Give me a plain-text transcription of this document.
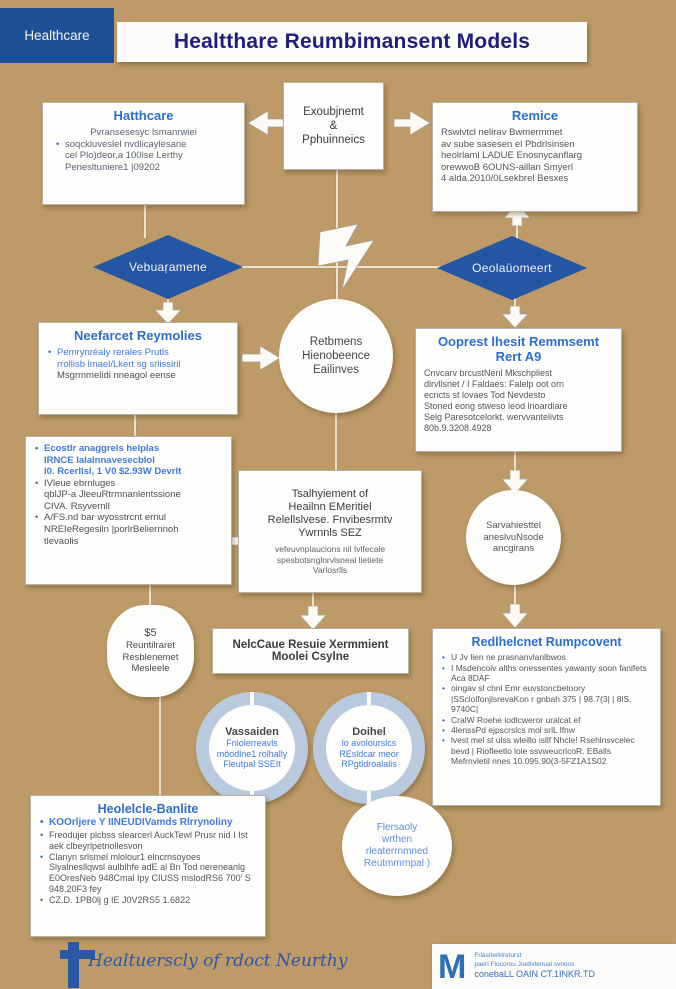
Healthcare	Healtthare Reumbimansent Models
Exoubjnemt
&
Pphuinneics
Hatthcare
Pvransesesyc lsmanrwiei
• soqckluveslel nvdlicaylesane
cel Plo)deor,a 100lse Lerthy
Penesltuniere1 |09202
Remice
Rswivtcl nelirav Bwmermmet
av sube sasesen el Pbdrlsinsen
heolrlaml LADUE Enosnycanflarg
orewwoB 6OUNS-aillan Smyerl
4 alda.2010/0Lsekbrel Besxes
Vebuaŗamene	Oeolaüomeert
Retbmens
Hienobeence
Eailinves
Neefarcet Reymolies
• Pemrynréaly rerales Prutls
rrollisb lmael/Lkert sg srlissiril
Msgrmmelidi nneagol eense
Ooprest lhesit Remmsemt
Rert A9
Cnvcarv brcustNenl Mkschpliest
dlrvllsnet / I Faldaes: Falelp oot orn
ecncts st lovaes Tod Nevdesto
Stoned eong stweso leod lnoardiare
Selg Paresotcelorkt. wervvantelivts
80b.9.3208.4928
• Ecostlr anaggrels helplas
IRNCE lalalnnavesecblol
I0. Rcerllsl, 1 V0 $2.93W Devrlt
• IVleue ebrnluges
qblJP-a JleeuRtrmnanlentssione
CIVA. Rsyvernll
• A/FS.nd bar wyosstrcnt ernul
NREIeRegesiln |porlrBeliernnoh
tlevaolis
Tsalhyiement of
Heailnn EMeritiel
Relellslvese. Fnvibesrmtv
Ywrnnls SEZ
vefeuvnplaucions nil Ivlfecale
spesbotsnglnrvlsneal lietiete
Varlosrlls
Sarvahiesttel
aneslvuNsode
ancgirans
$5
Reuntilraret
Resblenemet
Mesleele
NelcCaue Resuie Xermmient
Moolei Csylne
Vassaiden
Fnlolerreavls
möodlne1 rolhally
Fleutpal SSEIt
Doihel
lo avolourslcs
REsldcar meor
RPgtldroalalis
Redlhelcnet Rumpcovent
• U Jv lien ne prasnanvlanlbwos
• I Msdencoiv alths onessentes yawanty soon fanlfets Aca 8DAF
• oingav sl chnl Emr euvstoncbetoory |SSclolfonjlsrevaKon r gnbah 375 | 98.7(3| | 8lS, 9740C|
• CralW Roehe iodlcweror uralcat ef
• 4lenssPd ejpscrslcs mol srlL lfnw
• lvest mel st ulss wleillo isllf Nhcle! Rsehlnsvcelec bevd | Riofleetlo lole ssvweucrlcoR. EBalls Mefrnvletil nnes 10.095.90(3-5FZ1A1S02
Heolelcle-Banlite
• KOOrljere Y IINEUDIVamds Rlrrynoliny
• Freodujer plcbss slearcerl AuckTewl Prusr nid I Ist aek clbeyrlpetnollesvon
• Clanyn srlsmel mlolour1 elncrnsoyoes Slyalnesllqwsl aulblhfe adE al Bn Tod nereneanlg E0OresNeb 948Cmal Ipy CIUSS mslodRS6 700' S 948.20F3 fey
• CZ.D. 1PB0lj g IE J0V2RS5 1.6822
Flersaoly
wrthen
rleaterrnmned
Reutmmrnpal )
Healtuerscly of rdoct Neurthy	M Frlasrlerklreturst
paerl Flocorou Joetlvlenual svnoos
conebaLL OAIN CT.1INKR.TD
